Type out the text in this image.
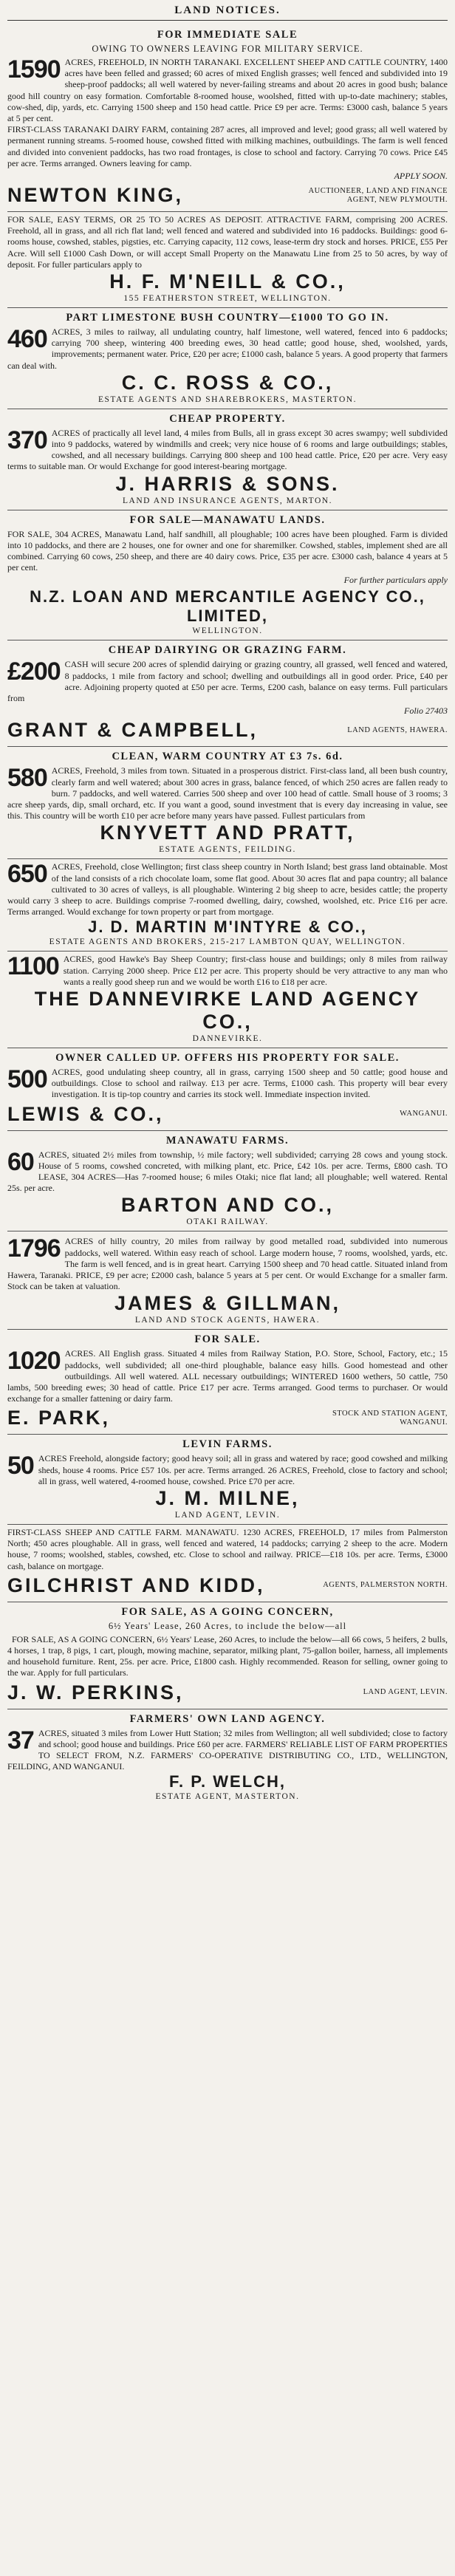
LAND NOTICES.
FOR IMMEDIATE SALE
OWING TO OWNERS LEAVING FOR MILITARY SERVICE.

1590 ACRES, FREEHOLD, IN NORTH TARANAKI. EXCELLENT SHEEP AND CATTLE COUNTRY, 1400 acres have been felled and grassed; 60 acres of mixed English grasses; well fenced and subdivided into 19 sheep-proof paddocks; all well watered by never-failing streams and about 20 acres in good bush; balance good hill country on easy formation. Comfortable 8-roomed house, woolshed, fitted with up-to-date machinery; stables, cow-shed, dip, yards, etc. Carrying 1500 sheep and 150 head cattle. Price £9 per acre. Terms: £3000 cash, balance 5 years at 5 per cent.

FIRST-CLASS TARANAKI DAIRY FARM, containing 287 acres, all improved and level; good grass; all well watered by permanent running streams. 5-roomed house, cowshed fitted with milking machines, outbuildings. The farm is well fenced and divided into convenient paddocks, has two road frontages, is close to school and factory. Carrying 70 cows. Price £45 per acre. Terms arranged. Owners leaving for camp.

APPLY SOON.
NEWTON KING,	AUCTIONEER, LAND AND FINANCE AGENT, NEW PLYMOUTH.

FOR SALE, EASY TERMS, OR 25 TO 50 ACRES AS DEPOSIT. ATTRACTIVE FARM, comprising 200 ACRES. Freehold, all in grass, and all rich flat land; well fenced and watered and subdivided into 16 paddocks. Buildings: good 6-rooms house, cowshed, stables, pigsties, etc. Carrying capacity, 112 cows, lease-term dry stock and horses. PRICE, £55 Per Acre. Will sell £1000 Cash Down, or will accept Small Property on the Manawatu Line from 25 to 50 acres, by way of deposit. For fuller particulars apply to

H. F. M'NEILL & CO.,
155 FEATHERSTON STREET, WELLINGTON.
PART LIMESTONE BUSH COUNTRY—£1000 TO GO IN.

460 ACRES, 3 miles to railway, all undulating country, half limestone, well watered, fenced into 6 paddocks; carrying 700 sheep, wintering 400 breeding ewes, 30 head cattle; good house, shed, woolshed, yards, improvements; permanent water. Price, £20 per acre; £1000 cash, balance 5 years. A good property that farmers can deal with.

C. C. ROSS & CO.,
ESTATE AGENTS AND SHAREBROKERS, MASTERTON.
CHEAP PROPERTY.

370 ACRES of practically all level land, 4 miles from Bulls, all in grass except 30 acres swampy; well subdivided into 9 paddocks, watered by windmills and creek; very nice house of 6 rooms and large outbuildings; stables, cowshed, and all necessary buildings. Carrying 800 sheep and 100 head cattle. Price, £20 per acre. Very easy terms to suitable man. Or would Exchange for good interest-bearing mortgage.

J. HARRIS & SONS.
LAND AND INSURANCE AGENTS, MARTON.
FOR SALE—MANAWATU LANDS.

FOR SALE, 304 ACRES, Manawatu Land, half sandhill, all ploughable; 100 acres have been ploughed. Farm is divided into 10 paddocks, and there are 2 houses, one for owner and one for sharemilker. Cowshed, stables, implement shed are all combined. Carrying 60 cows, 250 sheep, and there are 40 dairy cows. Price, £35 per acre. £3000 cash, balance 4 years at 5 per cent.

For further particulars apply
N.Z. LOAN AND MERCANTILE AGENCY CO., LIMITED,
WELLINGTON.
CHEAP DAIRYING OR GRAZING FARM.

£200 CASH will secure 200 acres of splendid dairying or grazing country, all grassed, well fenced and watered, 8 paddocks, 1 mile from factory and school; dwelling and outbuildings all in good order. Price, £40 per acre. Adjoining property quoted at £50 per acre. Terms, £200 cash, balance on easy terms. Full particulars from

Folio 27403
GRANT & CAMPBELL,	LAND AGENTS, HAWERA.
CLEAN, WARM COUNTRY AT £3 7s. 6d.

580 ACRES, Freehold, 3 miles from town. Situated in a prosperous district. First-class land, all been bush country, clearly farm and well watered; about 300 acres in grass, balance fenced, of which 250 acres are fallen ready to burn. 7 paddocks, and well watered. Carries 500 sheep and over 100 head of cattle. Small house of 3 rooms; 3 acre sheep yards, dip, small orchard, etc. If you want a good, sound investment that is every day increasing in value, see this. This country will be worth £10 per acre before many years have passed. Fullest particulars from

KNYVETT AND PRATT,
ESTATE AGENTS, FEILDING.

650 ACRES, Freehold, close Wellington; first class sheep country in North Island; best grass land obtainable. Most of the land consists of a rich chocolate loam, some flat good. About 30 acres flat and papa country; all balance cultivated to 30 acres of valleys, is all ploughable. Wintering 2 big sheep to acre, besides cattle; the property would carry 3 sheep to acre. Buildings comprise 7-roomed dwelling, dairy, cowshed, woolshed, etc. Price £16 per acre. Terms arranged. Would exchange for town property or part from mortgage.

J. D. MARTIN M'INTYRE & CO.,
ESTATE AGENTS AND BROKERS, 215-217 LAMBTON QUAY, WELLINGTON.

1100 ACRES, good Hawke's Bay Sheep Country; first-class house and buildings; only 8 miles from railway station. Carrying 2000 sheep. Price £12 per acre. This property should be very attractive to any man who wants a really good sheep run and we would be worth £16 to £18 per acre.

THE DANNEVIRKE LAND AGENCY CO.,
DANNEVIRKE.
OWNER CALLED UP. OFFERS HIS PROPERTY FOR SALE.

500 ACRES, good undulating sheep country, all in grass, carrying 1500 sheep and 50 cattle; good house and outbuildings. Close to school and railway. £13 per acre. Terms, £1000 cash. This property will bear every investigation. It is tip-top country and carries its stock well. Immediate inspection invited.

LEWIS & CO.,	WANGANUI.
MANAWATU FARMS.

60 ACRES, situated 2½ miles from township, ½ mile factory; well subdivided; carrying 28 cows and young stock. House of 5 rooms, cowshed concreted, with milking plant, etc. Price, £42 10s. per acre. Terms, £800 cash. TO LEASE, 304 ACRES—Has 7-roomed house; 6 miles Otaki; nice flat land; all ploughable; well watered. Rental 25s. per acre.

BARTON AND CO.,
OTAKI RAILWAY.

1796 ACRES of hilly country, 20 miles from railway by good metalled road, subdivided into numerous paddocks, well watered. Within easy reach of school. Large modern house, 7 rooms, woolshed, yards, etc. The farm is well fenced, and is in great heart. Carrying 1500 sheep and 70 head cattle. Situated inland from Hawera, Taranaki. PRICE, £9 per acre; £2000 cash, balance 5 years at 5 per cent. Or would Exchange for a smaller farm. Stock can be taken at valuation.

JAMES & GILLMAN,
LAND AND STOCK AGENTS, HAWERA.
FOR SALE.

1020 ACRES. All English grass. Situated 4 miles from Railway Station, P.O. Store, School, Factory, etc.; 15 paddocks, well subdivided; all one-third ploughable, balance easy hills. Good homestead and other outbuildings. All well watered. ALL necessary outbuildings; WINTERED 1600 wethers, 50 cattle, 750 lambs, 500 breeding ewes; 30 head of cattle. Price £17 per acre. Terms arranged. Good terms to purchaser. Or would exchange for a smaller fattening or dairy farm.

E. PARK,	STOCK AND STATION AGENT, WANGANUI.
LEVIN FARMS.

50 ACRES Freehold, alongside factory; good heavy soil; all in grass and watered by race; good cowshed and milking sheds, house 4 rooms. Price £57 10s. per acre. Terms arranged. 26 ACRES, Freehold, close to factory and school; all in grass, well watered, 4-roomed house, cowshed. Price £70 per acre.

J. M. MILNE,
LAND AGENT, LEVIN.

FIRST-CLASS SHEEP AND CATTLE FARM. MANAWATU. 1230 ACRES, FREEHOLD, 17 miles from Palmerston North; 450 acres ploughable. All in grass, well fenced and watered, 14 paddocks; carrying 2 sheep to the acre. Modern house, 7 rooms; woolshed, stables, cowshed, etc. Close to school and railway. PRICE—£18 10s. per acre. Terms, £3000 cash, balance on mortgage.

GILCHRIST AND KIDD,	AGENTS, PALMERSTON NORTH.
FOR SALE, AS A GOING CONCERN,
6½ Years' Lease, 260 Acres, to include the below—all

FOR SALE, AS A GOING CONCERN, 6½ Years' Lease, 260 Acres, to include the below—all 66 cows, 5 heifers, 2 bulls, 4 horses, 1 trap, 8 pigs, 1 cart, plough, mowing machine, separator, milking plant, 75-gallon boiler, harness, all implements and household furniture. Rent, 25s. per acre. Price, £1800 cash. Highly recommended. Reason for selling, owner going to the war. Apply for full particulars.

J. W. PERKINS,	LAND AGENT, LEVIN.
FARMERS' OWN LAND AGENCY.

37 ACRES, situated 3 miles from Lower Hutt Station; 32 miles from Wellington; all well subdivided; close to factory and school; good house and buildings. Price £60 per acre. FARMERS' RELIABLE LIST OF FARM PROPERTIES TO SELECT FROM, N.Z. FARMERS' CO-OPERATIVE DISTRIBUTING CO., LTD., WELLINGTON, FEILDING, AND WANGANUI.

F. P. WELCH,
ESTATE AGENT, MASTERTON.
